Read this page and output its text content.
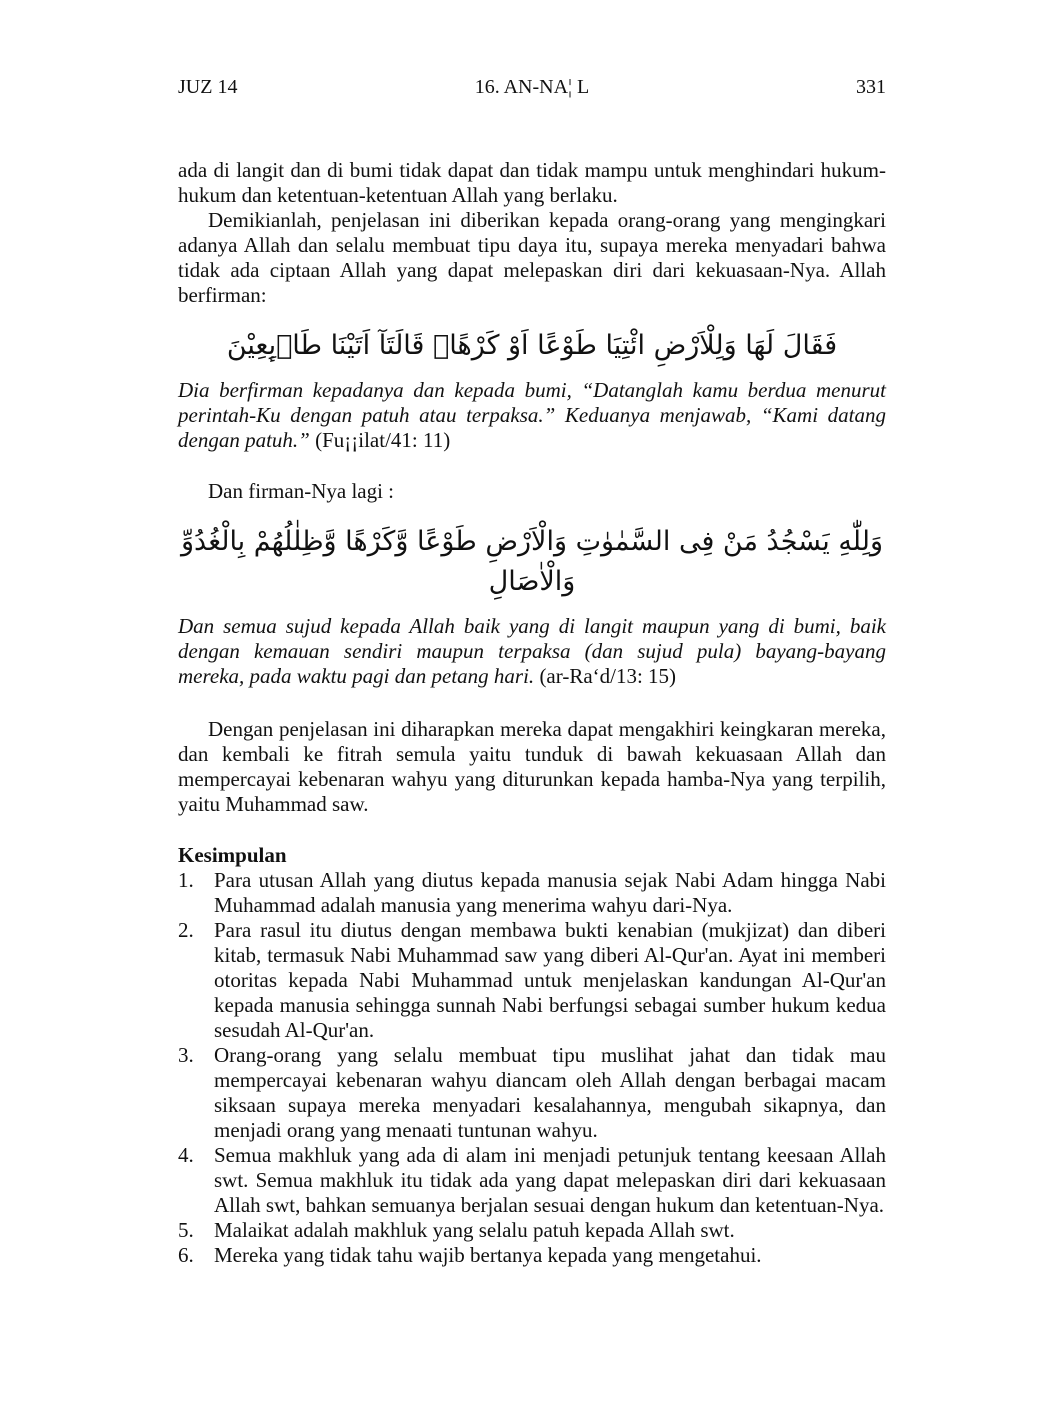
JUZ 14	16. AN-NA¦ L	331

ada di langit dan di bumi tidak dapat dan tidak mampu untuk menghindari hukum-hukum dan ketentuan-ketentuan Allah yang berlaku.

Demikianlah, penjelasan ini diberikan kepada orang-orang yang mengingkari adanya Allah dan selalu membuat tipu daya itu, supaya mereka menyadari bahwa tidak ada ciptaan Allah yang dapat melepaskan diri dari kekuasaan-Nya. Allah berfirman:

فَقَالَ لَهَا وَلِلْاَرْضِ ائْتِيَا طَوْعًا اَوْ كَرْهًاۗ قَالَتَآ اَتَيْنَا طَاۤىِٕعِيْنَ

Dia berfirman kepadanya dan kepada bumi, “Datanglah kamu berdua menurut perintah-Ku dengan patuh atau terpaksa.” Keduanya menjawab, “Kami datang dengan patuh.” (Fu¡¡ilat/41: 11)

Dan firman-Nya lagi :

وَلِلّٰهِ يَسْجُدُ مَنْ فِى السَّمٰوٰتِ وَالْاَرْضِ طَوْعًا وَّكَرْهًا وَّظِلٰلُهُمْ بِالْغُدُوِّ وَالْاٰصَالِ

Dan semua sujud kepada Allah baik yang di langit maupun yang di bumi, baik dengan kemauan sendiri maupun terpaksa (dan sujud pula) bayang-bayang mereka, pada waktu pagi dan petang hari. (ar-Ra‘d/13: 15)

Dengan penjelasan ini diharapkan mereka dapat mengakhiri keingkaran mereka, dan kembali ke fitrah semula yaitu tunduk di bawah kekuasaan Allah dan mempercayai kebenaran wahyu yang diturunkan kepada hamba-Nya yang terpilih, yaitu Muhammad saw.

Kesimpulan
1. Para utusan Allah yang diutus kepada manusia sejak Nabi Adam hingga Nabi Muhammad adalah manusia yang menerima wahyu dari-Nya.
2. Para rasul itu diutus dengan membawa bukti kenabian (mukjizat) dan diberi kitab, termasuk Nabi Muhammad saw yang diberi Al-Qur'an. Ayat ini memberi otoritas kepada Nabi Muhammad untuk menjelaskan kandungan Al-Qur'an kepada manusia sehingga sunnah Nabi berfungsi sebagai sumber hukum kedua sesudah Al-Qur'an.
3. Orang-orang yang selalu membuat tipu muslihat jahat dan tidak mau mempercayai kebenaran wahyu diancam oleh Allah dengan berbagai macam siksaan supaya mereka menyadari kesalahannya, mengubah sikapnya, dan menjadi orang yang menaati tuntunan wahyu.
4. Semua makhluk yang ada di alam ini menjadi petunjuk tentang keesaan Allah swt. Semua makhluk itu tidak ada yang dapat melepaskan diri dari kekuasaan Allah swt, bahkan semuanya berjalan sesuai dengan hukum dan ketentuan-Nya.
5. Malaikat adalah makhluk yang selalu patuh kepada Allah swt.
6. Mereka yang tidak tahu wajib bertanya kepada yang mengetahui.
